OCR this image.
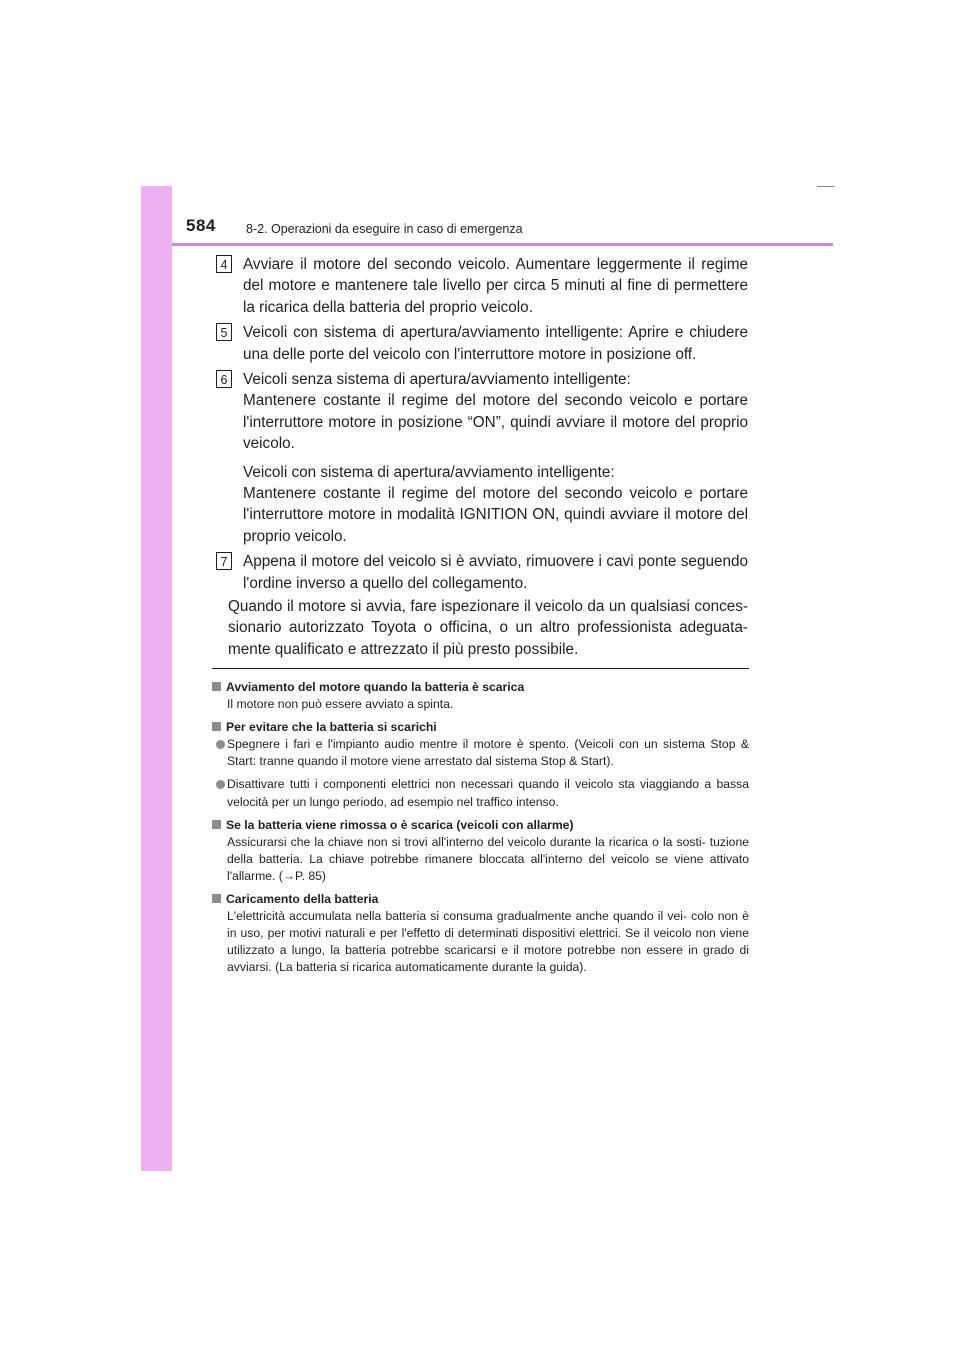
584 8-2. Operazioni da eseguire in caso di emergenza
4 Avviare il motore del secondo veicolo. Aumentare leggermente il regime del motore e mantenere tale livello per circa 5 minuti al fine di permettere la ricarica della batteria del proprio veicolo.

5 Veicoli con sistema di apertura/avviamento intelligente: Aprire e chiudere una delle porte del veicolo con l'interruttore motore in posizione off.

6 Veicoli senza sistema di apertura/avviamento intelligente:

Mantenere costante il regime del motore del secondo veicolo e portare l'interruttore motore in posizione “ON”, quindi avviare il motore del proprio veicolo.

Veicoli con sistema di apertura/avviamento intelligente:

Mantenere costante il regime del motore del secondo veicolo e portare l'interruttore motore in modalità IGNITION ON, quindi avviare il motore del proprio veicolo.

7 Appena il motore del veicolo si è avviato, rimuovere i cavi ponte seguendo l'ordine inverso a quello del collegamento.

Quando il motore si avvia, fare ispezionare il veicolo da un qualsiasi conces- sionario autorizzato Toyota o officina, o un altro professionista adeguata- mente qualificato e attrezzato il più presto possibile.

Avviamento del motore quando la batteria è scarica

Il motore non può essere avviato a spinta.

Per evitare che la batteria si scarichi

Spegnere i fari e l'impianto audio mentre il motore è spento. (Veicoli con un sistema Stop & Start: tranne quando il motore viene arrestato dal sistema Stop & Start).

Disattivare tutti i componenti elettrici non necessari quando il veicolo sta viaggiando a bassa velocità per un lungo periodo, ad esempio nel traffico intenso.

Se la batteria viene rimossa o è scarica (veicoli con allarme)

Assicurarsi che la chiave non si trovi all'interno del veicolo durante la ricarica o la sosti- tuzione della batteria. La chiave potrebbe rimanere bloccata all'interno del veicolo se viene attivato l'allarme. (→P. 85)

Caricamento della batteria

L'elettricità accumulata nella batteria si consuma gradualmente anche quando il vei- colo non è in uso, per motivi naturali e per l'effetto di determinati dispositivi elettrici. Se il veicolo non viene utilizzato a lungo, la batteria potrebbe scaricarsi e il motore potrebbe non essere in grado di avviarsi. (La batteria si ricarica automaticamente durante la guida).
